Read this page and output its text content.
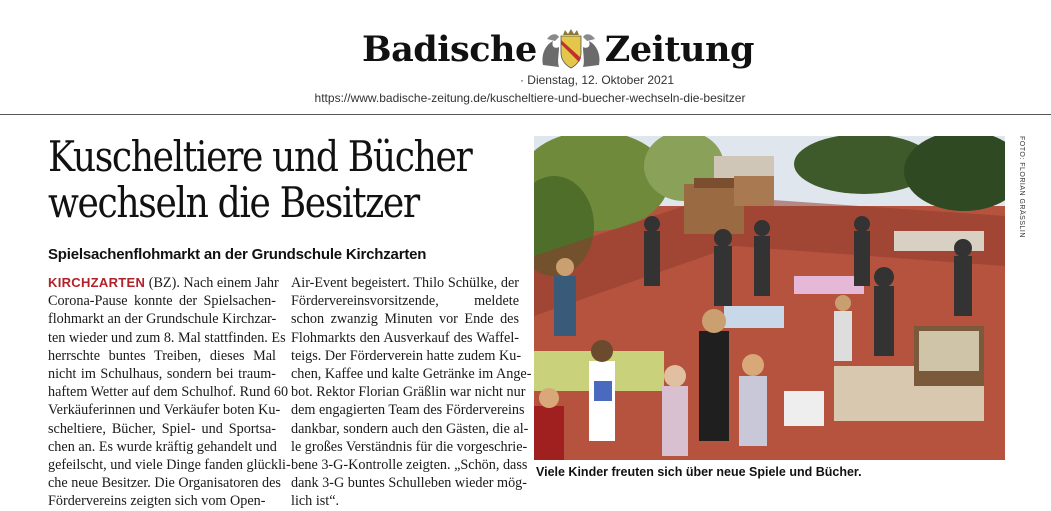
Badische Zeitung
· Dienstag, 12. Oktober 2021
https://www.badische-zeitung.de/kuscheltiere-und-buecher-wechseln-die-besitzer
Kuscheltiere und Bücher
wechseln die Besitzer
Spielsachenflohmarkt an der Grundschule Kirchzarten
KIRCHZARTEN (BZ). Nach einem Jahr
Corona-Pause konnte der Spielsachen-
flohmarkt an der Grundschule Kirchzar-
ten wieder und zum 8. Mal stattfinden. Es
herrschte buntes Treiben, dieses Mal
nicht im Schulhaus, sondern bei traum-
haftem Wetter auf dem Schulhof. Rund 60
Verkäuferinnen und Verkäufer boten Ku-
scheltiere, Bücher, Spiel- und Sportsa-
chen an. Es wurde kräftig gehandelt und
gefeilscht, und viele Dinge fanden glückli-
che neue Besitzer. Die Organisatoren des
Fördervereins zeigten sich vom Open-
Air-Event begeistert. Thilo Schülke, der
Fördervereinsvorsitzende, meldete
schon zwanzig Minuten vor Ende des
Flohmarkts den Ausverkauf des Waffel-
teigs. Der Förderverein hatte zudem Ku-
chen, Kaffee und kalte Getränke im Ange-
bot. Rektor Florian Gräßlin war nicht nur
dem engagierten Team des Fördervereins
dankbar, sondern auch den Gästen, die al-
le großes Verständnis für die vorgeschrie-
bene 3-G-Kontrolle zeigten. „Schön, dass
dank 3-G buntes Schulleben wieder mög-
lich ist“.
FOTO: FLORIAN GRÄSSLIN
Viele Kinder freuten sich über neue Spiele und Bücher.
